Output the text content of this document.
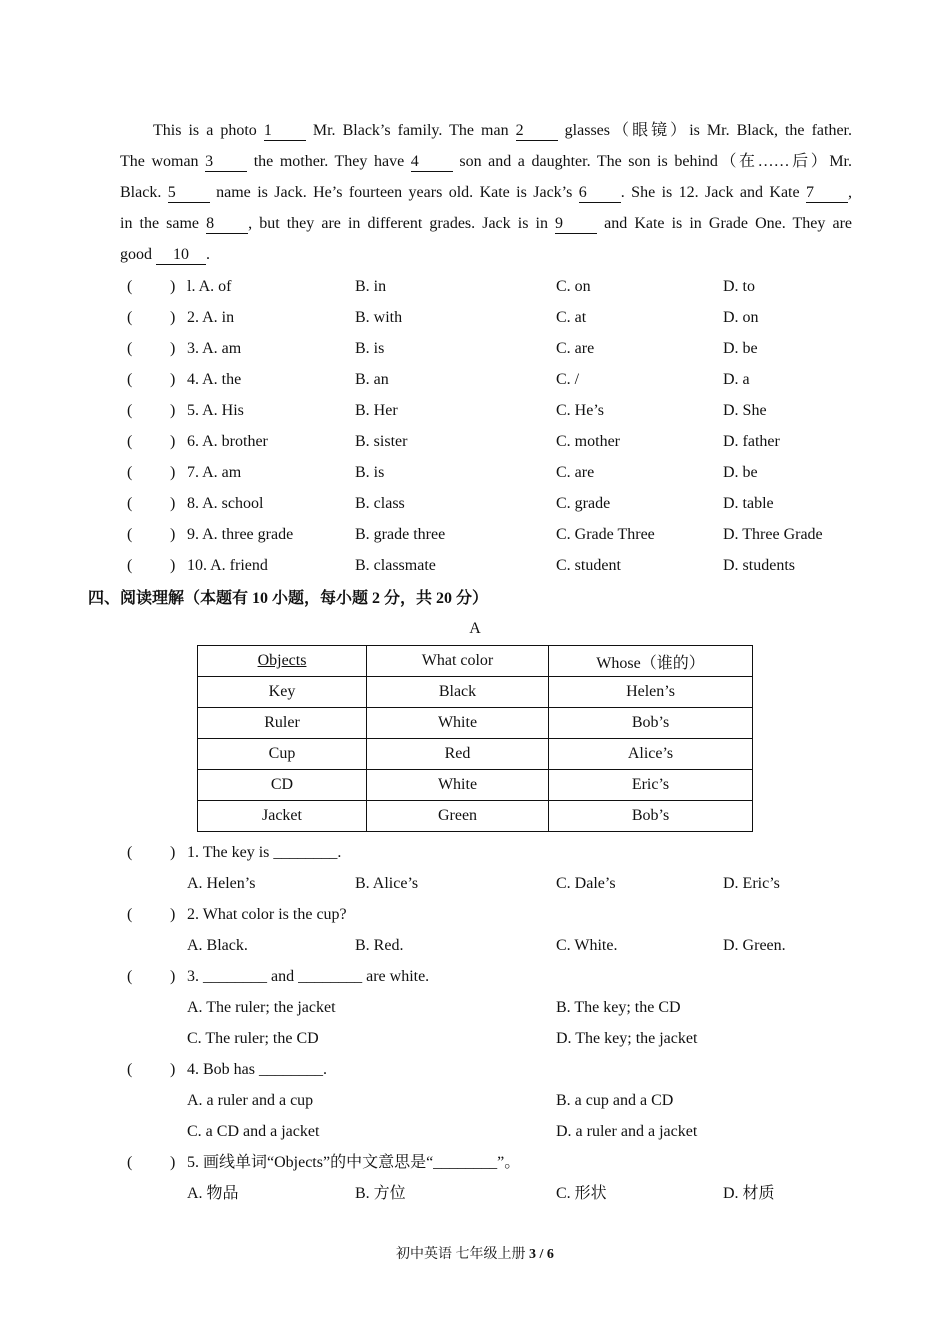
This is a photo 1 Mr. Black’s family. The man 2 glasses（眼镜）is Mr. Black, the father.
The woman 3 the mother. They have 4 son and a daughter. The son is behind（在……后）Mr.
Black. 5 name is Jack. He’s fourteen years old. Kate is Jack’s 6 . She is 12. Jack and Kate 7 ,
in the same 8 , but they are in different grades. Jack is in 9 and Kate is in Grade One. They are
good 10 .
( ) l. A. of	B. in	C. on	D. to
( ) 2. A. in	B. with	C. at	D. on
( ) 3. A. am	B. is	C. are	D. be
( ) 4. A. the	B. an	C. /	D. a
( ) 5. A. His	B. Her	C. He’s	D. She
( ) 6. A. brother	B. sister	C. mother	D. father
( ) 7. A. am	B. is	C. are	D. be
( ) 8. A. school	B. class	C. grade	D. table
( ) 9. A. three grade	B. grade three	C. Grade Three	D. Three Grade
( ) 10. A. friend	B. classmate	C. student	D. students
四、阅读理解（本题有 10 小题，每小题 2 分，共 20 分）
A
Objects	What color	Whose（谁的）
Key	Black	Helen’s
Ruler	White	Bob’s
Cup	Red	Alice’s
CD	White	Eric’s
Jacket	Green	Bob’s
( ) 1. The key is ________.
A. Helen’s	B. Alice’s	C. Dale’s	D. Eric’s
( ) 2. What color is the cup?
A. Black.	B. Red.	C. White.	D. Green.
( ) 3. ________ and ________ are white.
A. The ruler; the jacket	B. The key; the CD
C. The ruler; the CD	D. The key; the jacket
( ) 4. Bob has ________.
A. a ruler and a cup	B. a cup and a CD
C. a CD and a jacket	D. a ruler and a jacket
( ) 5. 画线单词“Objects”的中文意思是“________”。
A. 物品	B. 方位	C. 形状	D. 材质
初中英语 七年级上册 3 / 6
